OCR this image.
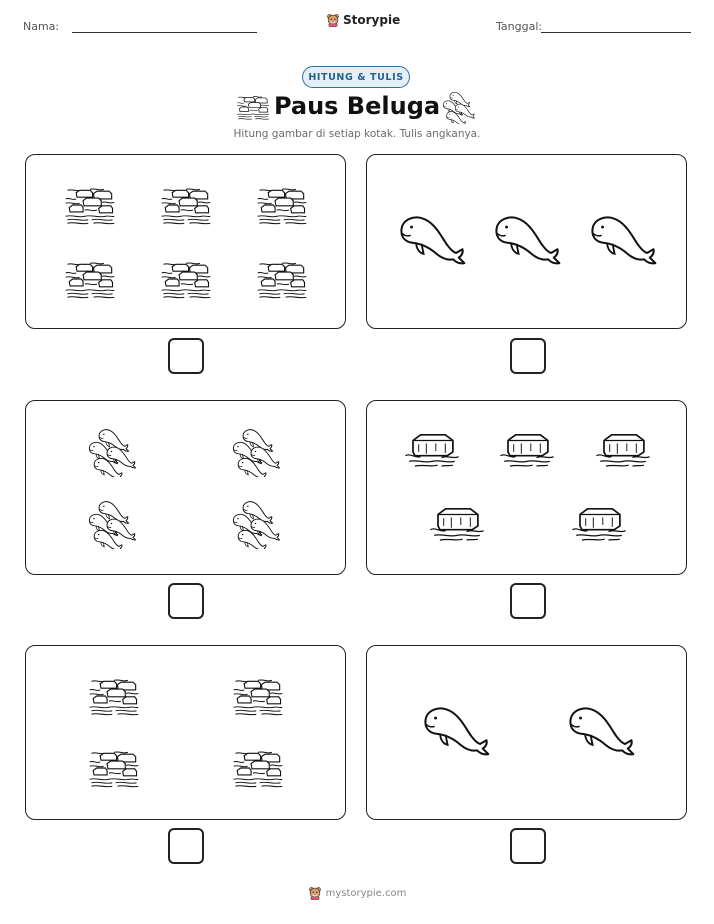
Nama:	Storypie	Tanggal:
HITUNG & TULIS
Paus Beluga
Hitung gambar di setiap kotak. Tulis angkanya.
mystorypie.com
